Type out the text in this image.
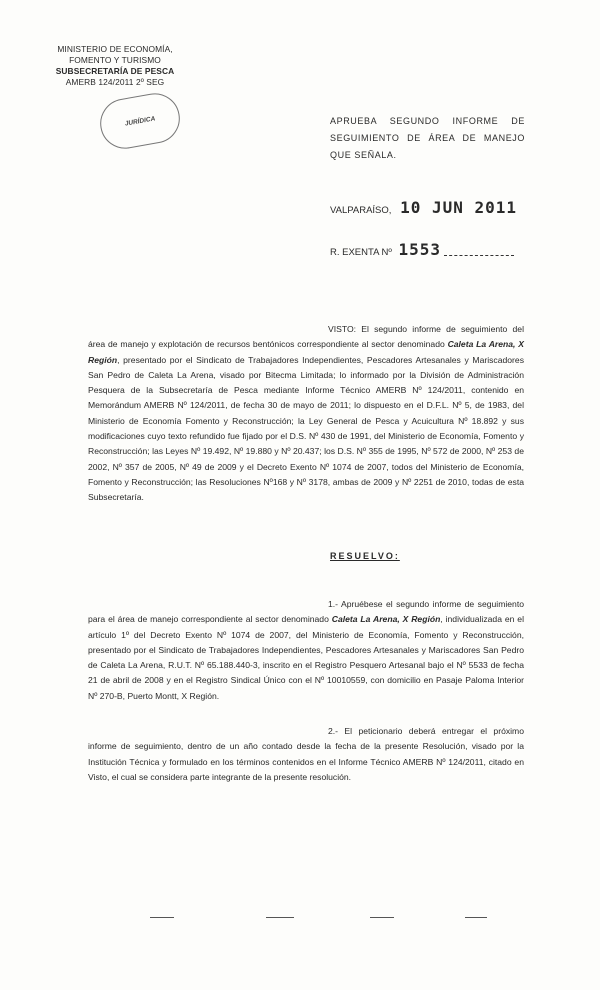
MINISTERIO DE ECONOMÍA,
FOMENTO Y TURISMO
SUBSECRETARÍA DE PESCA
AMERB 124/2011 2º SEG
JURÍDICA	APRUEBA SEGUNDO INFORME DE SEGUIMIENTO DE ÁREA DE MANEJO QUE SEÑALA.
VALPARAÍSO, 10 JUN 2011
R. EXENTA Nº 1553

VISTO: El segundo informe de seguimiento del área de manejo y explotación de recursos bentónicos correspondiente al sector denominado Caleta La Arena, X Región, presentado por el Sindicato de Trabajadores Independientes, Pescadores Artesanales y Mariscadores San Pedro de Caleta La Arena, visado por Bitecma Limitada; lo informado por la División de Administración Pesquera de la Subsecretaría de Pesca mediante Informe Técnico AMERB Nº 124/2011, contenido en Memorándum AMERB Nº 124/2011, de fecha 30 de mayo de 2011; lo dispuesto en el D.F.L. Nº 5, de 1983, del Ministerio de Economía Fomento y Reconstrucción; la Ley General de Pesca y Acuicultura Nº 18.892 y sus modificaciones cuyo texto refundido fue fijado por el D.S. Nº 430 de 1991, del Ministerio de Economía, Fomento y Reconstrucción; las Leyes Nº 19.492, Nº 19.880 y Nº 20.437; los D.S. Nº 355 de 1995, Nº 572 de 2000, Nº 253 de 2002, Nº 357 de 2005, Nº 49 de 2009 y el Decreto Exento Nº 1074 de 2007, todos del Ministerio de Economía, Fomento y Reconstrucción; las Resoluciones Nº168 y Nº 3178, ambas de 2009 y Nº 2251 de 2010, todas de esta Subsecretaría.

RESUELVO:

1.- Apruébese el segundo informe de seguimiento para el área de manejo correspondiente al sector denominado Caleta La Arena, X Región, individualizada en el artículo 1º del Decreto Exento Nº 1074 de 2007, del Ministerio de Economía, Fomento y Reconstrucción, presentado por el Sindicato de Trabajadores Independientes, Pescadores Artesanales y Mariscadores San Pedro de Caleta La Arena, R.U.T. Nº 65.188.440-3, inscrito en el Registro Pesquero Artesanal bajo el Nº 5533 de fecha 21 de abril de 2008 y en el Registro Sindical Único con el Nº 10010559, con domicilio en Pasaje Paloma Interior Nº 270-B, Puerto Montt, X Región.

2.- El peticionario deberá entregar el próximo informe de seguimiento, dentro de un año contado desde la fecha de la presente Resolución, visado por la Institución Técnica y formulado en los términos contenidos en el Informe Técnico AMERB Nº 124/2011, citado en Visto, el cual se considera parte integrante de la presente resolución.
